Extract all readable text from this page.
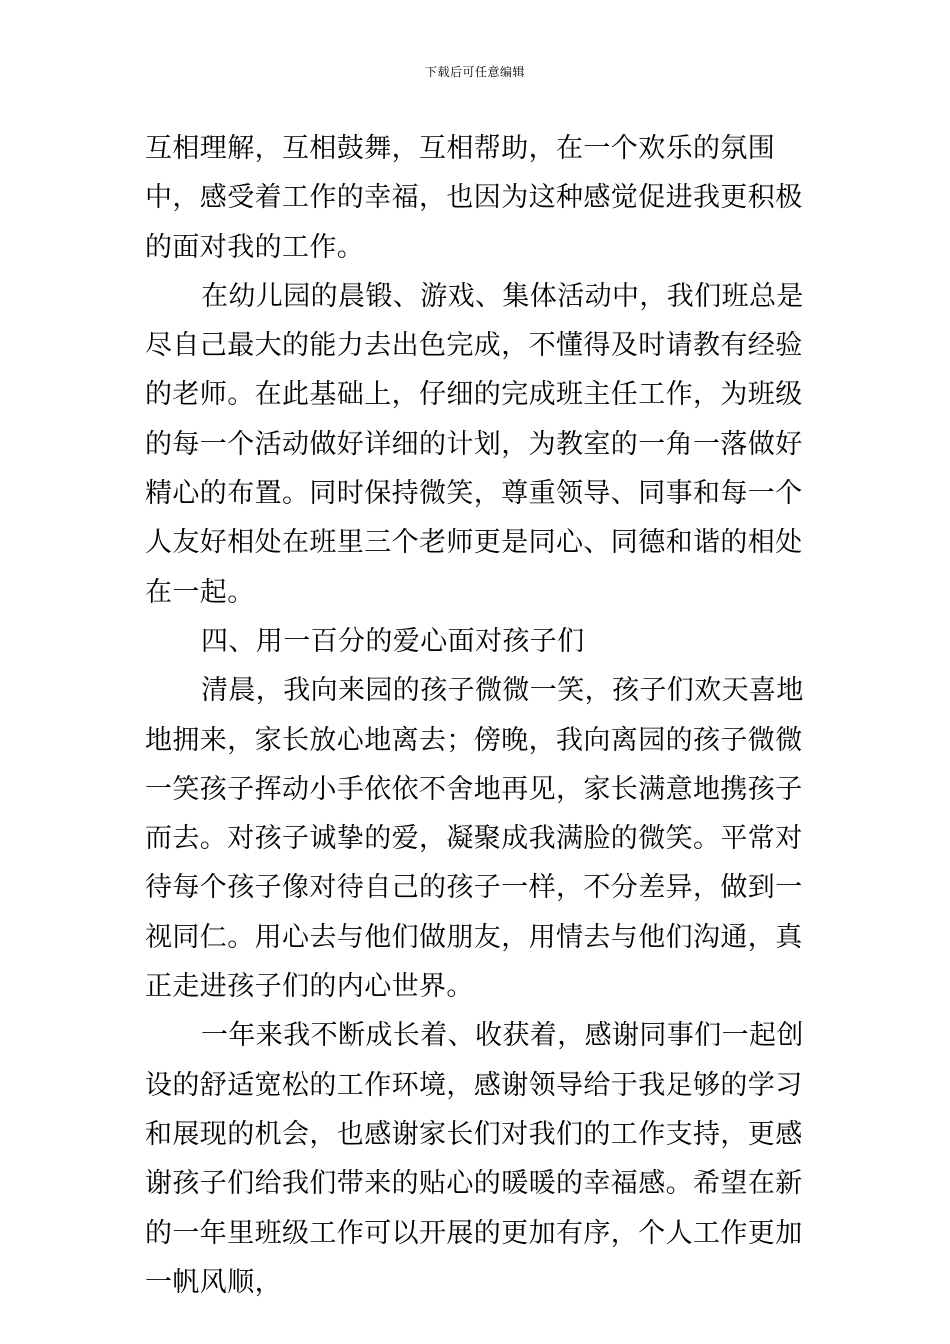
下载后可任意编辑

互相理解，互相鼓舞，互相帮助，在一个欢乐的氛围中，感受着工作的幸福，也因为这种感觉促进我更积极的面对我的工作。

在幼儿园的晨锻、游戏、集体活动中，我们班总是尽自己最大的能力去出色完成，不懂得及时请教有经验的老师。在此基础上，仔细的完成班主任工作，为班级的每一个活动做好详细的计划，为教室的一角一落做好精心的布置。同时保持微笑，尊重领导、同事和每一个人友好相处在班里三个老师更是同心、同德和谐的相处在一起。

四、用一百分的爱心面对孩子们

清晨，我向来园的孩子微微一笑，孩子们欢天喜地地拥来，家长放心地离去；傍晚，我向离园的孩子微微一笑孩子挥动小手依依不舍地再见，家长满意地携孩子而去。对孩子诚挚的爱，凝聚成我满脸的微笑。平常对待每个孩子像对待自己的孩子一样，不分差异，做到一视同仁。用心去与他们做朋友，用情去与他们沟通，真正走进孩子们的内心世界。

一年来我不断成长着、收获着，感谢同事们一起创设的舒适宽松的工作环境，感谢领导给于我足够的学习和展现的机会，也感谢家长们对我们的工作支持，更感谢孩子们给我们带来的贴心的暖暖的幸福感。希望在新的一年里班级工作可以开展的更加有序，个人工作更加一帆风顺，
